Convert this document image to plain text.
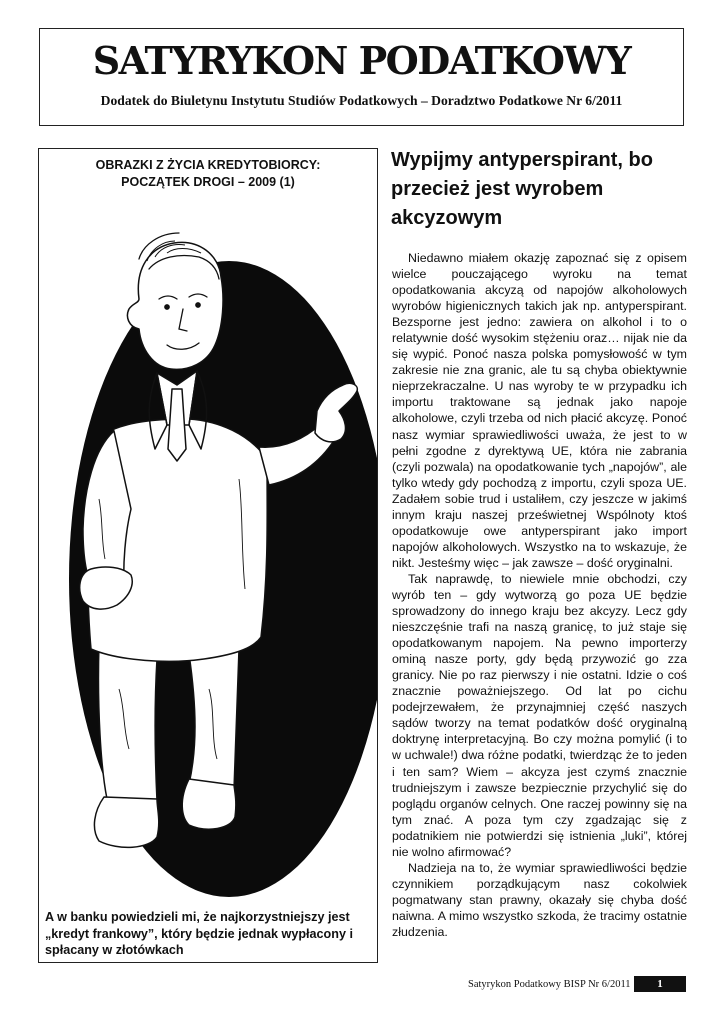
SATYRYKON PODATKOWY
Dodatek do Biuletynu Instytutu Studiów Podatkowych – Doradztwo Podatkowe Nr 6/2011
OBRAZKI Z ŻYCIA KREDYTOBIORCY:
POCZĄTEK DROGI – 2009 (1)
A w banku powiedzieli mi, że najkorzystniejszy jest „kredyt frankowy”, który będzie jednak wypłacony i spłacany w złotówkach
Wypijmy antyperspirant, bo przecież jest wyrobem akcyzowym

Niedawno miałem okazję zapoznać się z opisem wielce pouczającego wyroku na temat opodatkowania akcyzą od napojów alkoholowych wyrobów higienicznych takich jak np. antyperspirant. Bezsporne jest jedno: zawiera on alkohol i to o relatywnie dość wysokim stężeniu oraz… nijak nie da się wypić. Ponoć nasza polska pomysłowość w tym zakresie nie zna granic, ale tu są chyba obiektywnie nieprzekraczalne. U nas wyroby te w przypadku ich importu traktowane są jednak jako napoje alkoholowe, czyli trzeba od nich płacić akcyzę. Ponoć nasz wymiar sprawiedliwości uważa, że jest to w pełni zgodne z dyrektywą UE, która nie zabrania (czyli pozwala) na opodatkowanie tych „napojów”, ale tylko wtedy gdy pochodzą z importu, czyli spoza UE. Zadałem sobie trud i ustaliłem, czy jeszcze w jakimś innym kraju naszej prześwietnej Wspólnoty ktoś opodatkowuje owe antyperspirant jako import napojów alkoholowych. Wszystko na to wskazuje, że nikt. Jesteśmy więc – jak zawsze – dość oryginalni.

Tak naprawdę, to niewiele mnie obchodzi, czy wyrób ten – gdy wytworzą go poza UE będzie sprowadzony do innego kraju bez akcyzy. Lecz gdy nieszczęśnie trafi na naszą granicę, to już staje się opodatkowanym napojem. Na pewno importerzy ominą nasze porty, gdy będą przywozić go zza granicy. Nie po raz pierwszy i nie ostatni. Idzie o coś znacznie poważniejszego. Od lat po cichu podejrzewałem, że przynajmniej część naszych sądów tworzy na temat podatków dość oryginalną doktrynę interpretacyjną. Bo czy można pomylić (i to w uchwale!) dwa różne podatki, twierdząc że to jeden i ten sam? Wiem – akcyza jest czymś znacznie trudniejszym i zawsze bezpiecznie przychylić się do poglądu organów celnych. One raczej powinny się na tym znać. A poza tym czy zgadzając się z podatnikiem nie potwierdzi się istnienia „luki”, której nie wolno afirmować?

Nadzieja na to, że wymiar sprawiedliwości będzie czynnikiem porządkującym nasz cokolwiek pogmatwany stan prawny, okazały się chyba dość naiwna. A mimo wszystko szkoda, że tracimy ostatnie złudzenia.

Satyrykon Podatkowy BISP Nr 6/2011	1
